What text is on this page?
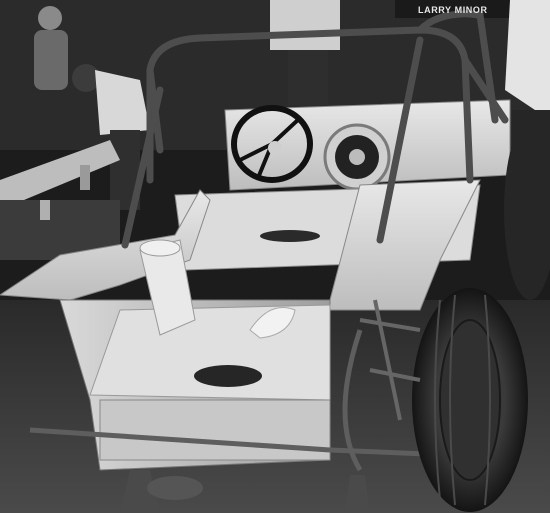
LARRY MINOR
